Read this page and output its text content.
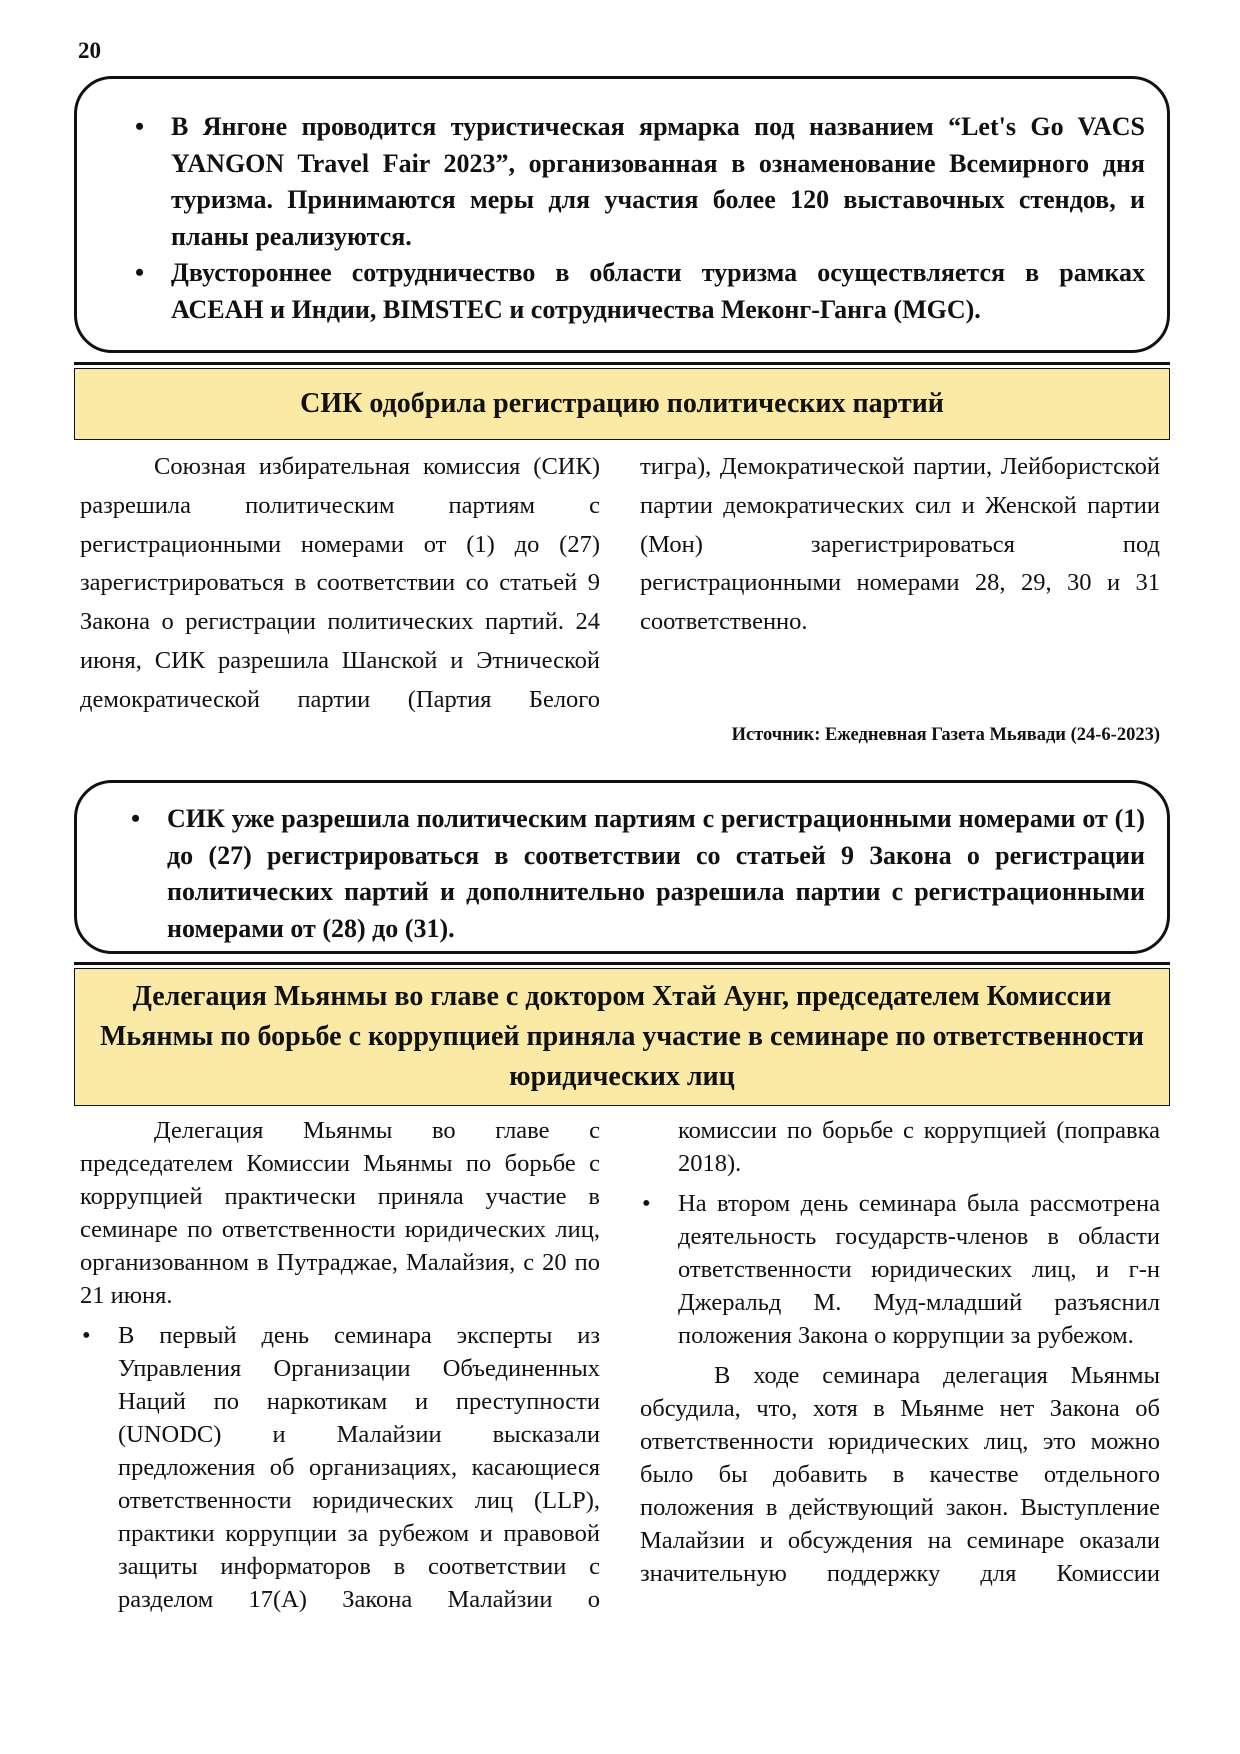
20
• В Янгоне проводится туристическая ярмарка под названием “Let's Go VACS YANGON Travel Fair 2023”, организованная в ознаменование Всемирного дня туризма. Принимаются меры для участия более 120 выставочных стендов, и планы реализуются.
• Двустороннее сотрудничество в области туризма осуществляется в рамках АСЕАН и Индии, BIMSTEC и сотрудничества Меконг-Ганга (MGC).
СИК одобрила регистрацию политических партий

Союзная избирательная комиссия (СИК) разрешила политическим партиям с регистрационными номерами от (1) до (27) зарегистрироваться в соответствии со статьей 9 Закона о регистрации политических партий. 24 июня, СИК разрешила Шанской и Этнической демократической партии (Партия Белого

тигра), Демократической партии, Лейбористской партии демократических сил и Женской партии (Мон) зарегистрироваться под регистрационными номерами 28, 29, 30 и 31 соответственно.

Источник: Ежедневная Газета Мьявади (24-6-2023)
• СИК уже разрешила политическим партиям с регистрационными номерами от (1) до (27) регистрироваться в соответствии со статьей 9 Закона о регистрации политических партий и дополнительно разрешила партии с регистрационными номерами от (28) до (31).
Делегация Мьянмы во главе с доктором Хтай Аунг, председателем Комиссии Мьянмы по борьбе с коррупцией приняла участие в семинаре по ответственности юридических лиц

Делегация Мьянмы во главе с председателем Комиссии Мьянмы по борьбе с коррупцией практически приняла участие в семинаре по ответственности юридических лиц, организованном в Путраджае, Малайзия, с 20 по 21 июня.

• В первый день семинара эксперты из Управления Организации Объединенных Наций по наркотикам и преступности (UNODC) и Малайзии высказали предложения об организациях, касающиеся ответственности юридических лиц (LLP), практики коррупции за рубежом и правовой защиты информаторов в соответствии с разделом 17(A) Закона Малайзии о

комиссии по борьбе с коррупцией (поправка 2018).

• На втором день семинара была рассмотрена деятельность государств-членов в области ответственности юридических лиц, и г-н Джеральд М. Муд-младший разъяснил положения Закона о коррупции за рубежом.

В ходе семинара делегация Мьянмы обсудила, что, хотя в Мьянме нет Закона об ответственности юридических лиц, это можно было бы добавить в качестве отдельного положения в действующий закон. Выступление Малайзии и обсуждения на семинаре оказали значительную поддержку для Комиссии
